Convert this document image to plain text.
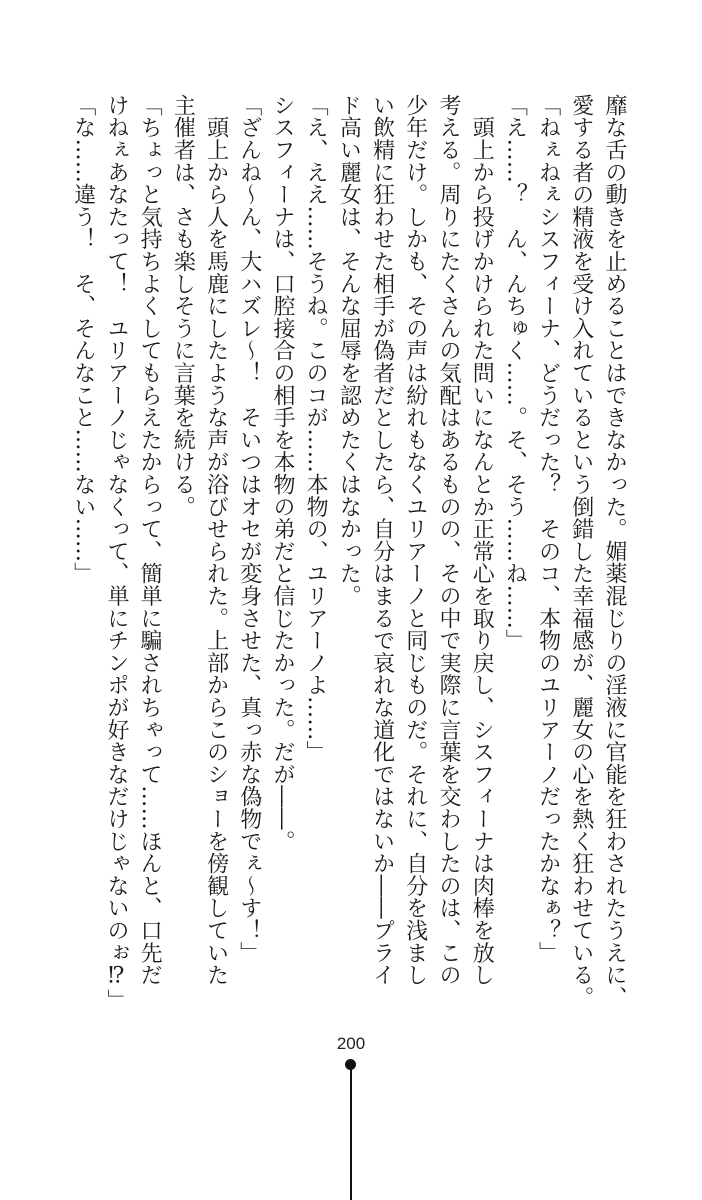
靡な舌の動きを止めることはできなかった。媚薬混じりの淫液に官能を狂わされたうえに、
愛する者の精液を受け入れているという倒錯した幸福感が、麗女の心を熱く狂わせている。
「ねぇねぇシスフィーナ、どうだった？　そのコ、本物のユリアーノだったかなぁ？」
「え……？　ん、んちゅく……。そ、そう……ね……」
　頭上から投げかけられた問いになんとか正常心を取り戻し、シスフィーナは肉棒を放し
考える。周りにたくさんの気配はあるものの、その中で実際に言葉を交わしたのは、この
少年だけ。しかも、その声は紛れもなくユリアーノと同じものだ。それに、自分を浅まし
い飲精に狂わせた相手が偽者だとしたら、自分はまるで哀れな道化ではないか――プライ
ド高い麗女は、そんな屈辱を認めたくはなかった。
「え、ええ……そうね。このコが……本物の、ユリアーノよ……」
シスフィーナは、口腔接合の相手を本物の弟だと信じたかった。だが――。
「ざんね～ん、大ハズレ～！　そいつはオセが変身させた、真っ赤な偽物でぇ～す！」
　頭上から人を馬鹿にしたような声が浴びせられた。上部からこのショーを傍観していた
主催者は、さも楽しそうに言葉を続ける。
「ちょっと気持ちよくしてもらえたからって、簡単に騙されちゃって……ほんと、口先だ
けねぇあなたって！　ユリアーノじゃなくって、単にチンポが好きなだけじゃないのぉ⁉」
「な……違う！　そ、そんなこと……ない……」
200
